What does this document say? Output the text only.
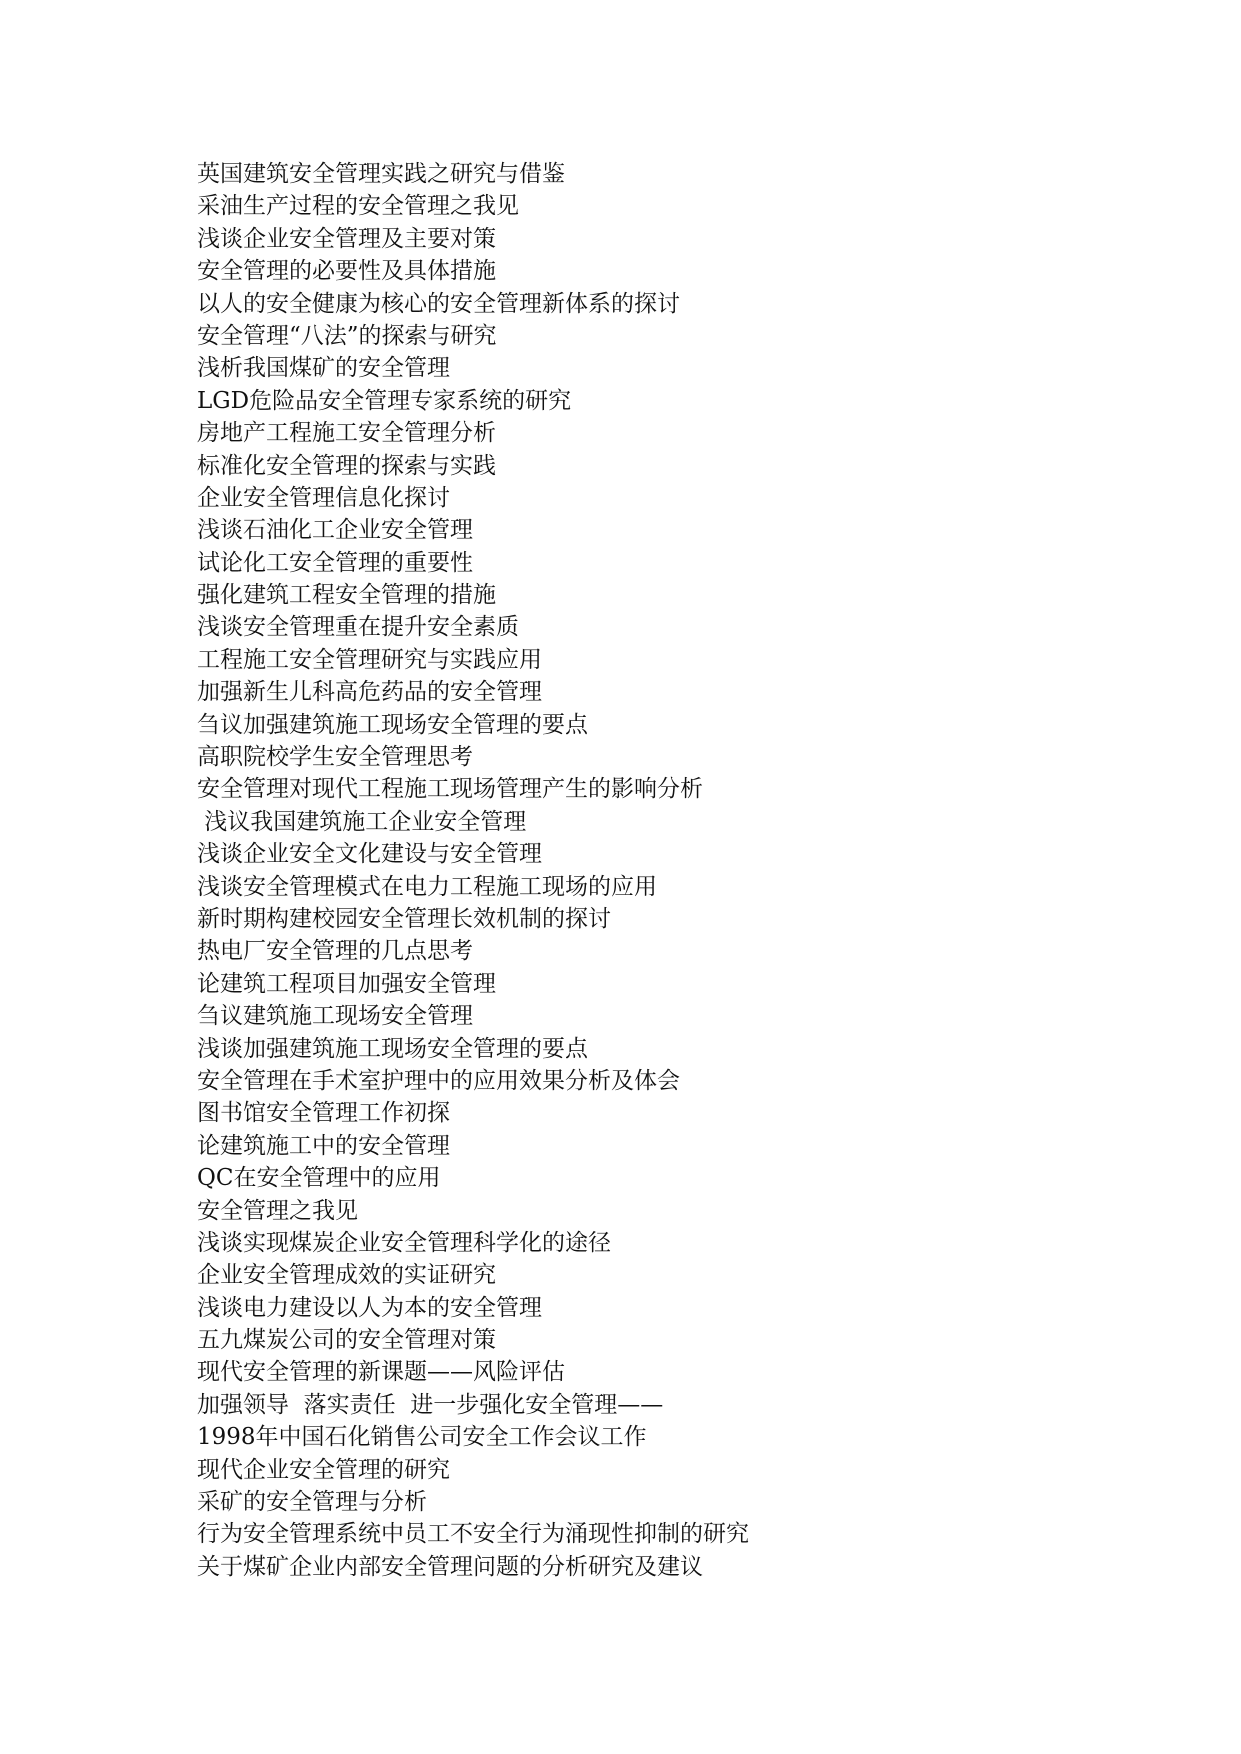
英国建筑安全管理实践之研究与借鉴
采油生产过程的安全管理之我见
浅谈企业安全管理及主要对策
安全管理的必要性及具体措施
以人的安全健康为核心的安全管理新体系的探讨
安全管理“八法”的探索与研究
浅析我国煤矿的安全管理
LGD危险品安全管理专家系统的研究
房地产工程施工安全管理分析
标准化安全管理的探索与实践
企业安全管理信息化探讨
浅谈石油化工企业安全管理
试论化工安全管理的重要性
强化建筑工程安全管理的措施
浅谈安全管理重在提升安全素质
工程施工安全管理研究与实践应用
加强新生儿科高危药品的安全管理
刍议加强建筑施工现场安全管理的要点
高职院校学生安全管理思考
安全管理对现代工程施工现场管理产生的影响分析
浅议我国建筑施工企业安全管理
浅谈企业安全文化建设与安全管理
浅谈安全管理模式在电力工程施工现场的应用
新时期构建校园安全管理长效机制的探讨
热电厂安全管理的几点思考
论建筑工程项目加强安全管理
刍议建筑施工现场安全管理
浅谈加强建筑施工现场安全管理的要点
安全管理在手术室护理中的应用效果分析及体会
图书馆安全管理工作初探
论建筑施工中的安全管理
QC在安全管理中的应用
安全管理之我见
浅谈实现煤炭企业安全管理科学化的途径
企业安全管理成效的实证研究
浅谈电力建设以人为本的安全管理
五九煤炭公司的安全管理对策
现代安全管理的新课题——风险评估
加强领导  落实责任  进一步强化安全管理——
1998年中国石化销售公司安全工作会议工作
现代企业安全管理的研究
采矿的安全管理与分析
行为安全管理系统中员工不安全行为涌现性抑制的研究
关于煤矿企业内部安全管理问题的分析研究及建议
